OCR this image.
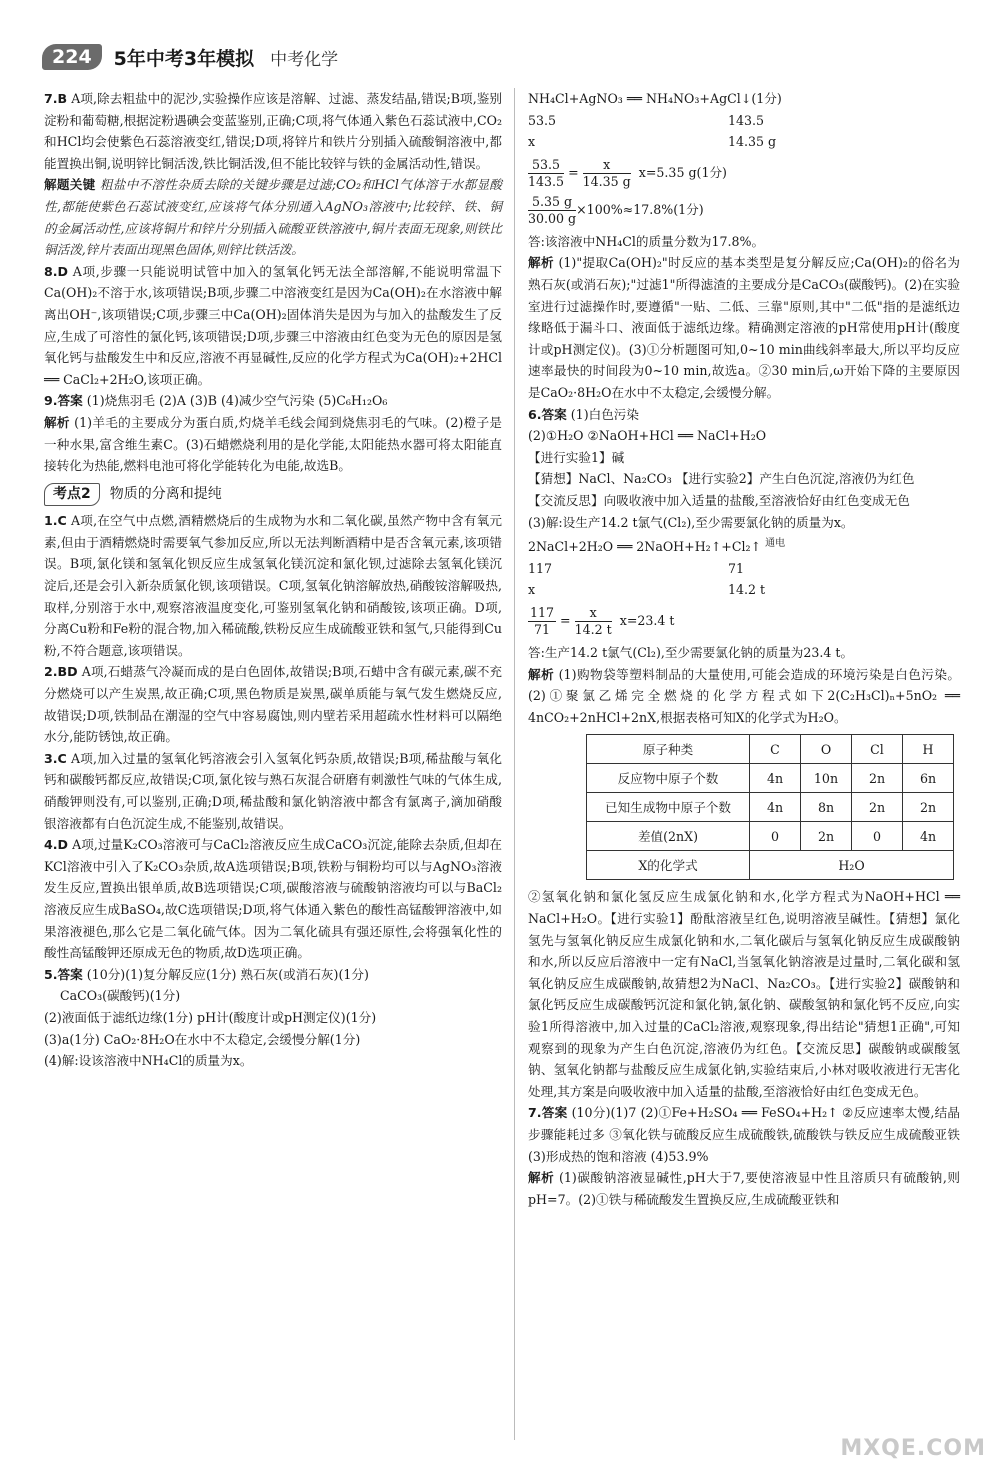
224	5年中考3年模拟 中考化学

7.B A项,除去粗盐中的泥沙,实验操作应该是溶解、过滤、蒸发结晶,错误;B项,鉴别淀粉和葡萄糖,根据淀粉遇碘会变蓝鉴别,正确;C项,将气体通入紫色石蕊试液中,CO₂和HCl均会使紫色石蕊溶液变红,错误;D项,将锌片和铁片分别插入硫酸铜溶液中,都能置换出铜,说明锌比铜活泼,铁比铜活泼,但不能比较锌与铁的金属活动性,错误。

解题关键 粗盐中不溶性杂质去除的关键步骤是过滤;CO₂和HCl气体溶于水都显酸性,都能使紫色石蕊试液变红,应该将气体分别通入AgNO₃溶液中;比较锌、铁、铜的金属活动性,应该将铜片和锌片分别插入硫酸亚铁溶液中,铜片表面无现象,则铁比铜活泼,锌片表面出现黑色固体,则锌比铁活泼。

8.D A项,步骤一只能说明试管中加入的氢氧化钙无法全部溶解,不能说明常温下Ca(OH)₂不溶于水,该项错误;B项,步骤二中溶液变红是因为Ca(OH)₂在水溶液中解离出OH⁻,该项错误;C项,步骤三中Ca(OH)₂固体消失是因为与加入的盐酸发生了反应,生成了可溶性的氯化钙,该项错误;D项,步骤三中溶液由红色变为无色的原因是氢氧化钙与盐酸发生中和反应,溶液不再显碱性,反应的化学方程式为Ca(OH)₂+2HCl ══ CaCl₂+2H₂O,该项正确。

9.答案 (1)烧焦羽毛 (2)A (3)B (4)减少空气污染 (5)C₆H₁₂O₆

解析 (1)羊毛的主要成分为蛋白质,灼烧羊毛线会闻到烧焦羽毛的气味。(2)橙子是一种水果,富含维生素C。(3)石蜡燃烧利用的是化学能,太阳能热水器可将太阳能直接转化为热能,燃料电池可将化学能转化为电能,故选B。

考点2	物质的分离和提纯

1.C A项,在空气中点燃,酒精燃烧后的生成物为水和二氧化碳,虽然产物中含有氧元素,但由于酒精燃烧时需要氧气参加反应,所以无法判断酒精中是否含氧元素,该项错误。B项,氯化镁和氢氧化钡反应生成氢氧化镁沉淀和氯化钡,过滤除去氢氧化镁沉淀后,还是会引入新杂质氯化钡,该项错误。C项,氢氧化钠溶解放热,硝酸铵溶解吸热,取样,分别溶于水中,观察溶液温度变化,可鉴别氢氧化钠和硝酸铵,该项正确。D项,分离Cu粉和Fe粉的混合物,加入稀硫酸,铁粉反应生成硫酸亚铁和氢气,只能得到Cu粉,不符合题意,该项错误。

2.BD A项,石蜡蒸气冷凝而成的是白色固体,故错误;B项,石蜡中含有碳元素,碳不充分燃烧可以产生炭黑,故正确;C项,黑色物质是炭黑,碳单质能与氧气发生燃烧反应,故错误;D项,铁制品在潮湿的空气中容易腐蚀,则内壁若采用超疏水性材料可以隔绝水分,能防锈蚀,故正确。

3.C A项,加入过量的氢氧化钙溶液会引入氢氧化钙杂质,故错误;B项,稀盐酸与氧化钙和碳酸钙都反应,故错误;C项,氯化铵与熟石灰混合研磨有刺激性气味的气体生成,硝酸钾则没有,可以鉴别,正确;D项,稀盐酸和氯化钠溶液中都含有氯离子,滴加硝酸银溶液都有白色沉淀生成,不能鉴别,故错误。

4.D A项,过量K₂CO₃溶液可与CaCl₂溶液反应生成CaCO₃沉淀,能除去杂质,但却在KCl溶液中引入了K₂CO₃杂质,故A选项错误;B项,铁粉与铜粉均可以与AgNO₃溶液发生反应,置换出银单质,故B选项错误;C项,碳酸溶液与硫酸钠溶液均可以与BaCl₂溶液反应生成BaSO₄,故C选项错误;D项,将气体通入紫色的酸性高锰酸钾溶液中,如果溶液褪色,那么它是二氧化硫气体。因为二氧化硫具有强还原性,会将强氧化性的酸性高锰酸钾还原成无色的物质,故D选项正确。

5.答案 (10分)(1)复分解反应(1分) 熟石灰(或消石灰)(1分)

CaCO₃(碳酸钙)(1分)

(2)液面低于滤纸边缘(1分) pH计(酸度计或pH测定仪)(1分)

(3)a(1分) CaO₂·8H₂O在水中不太稳定,会缓慢分解(1分)

(4)解:设该溶液中NH₄Cl的质量为x。

NH₄Cl+AgNO₃ ══ NH₄NO₃+AgCl↓(1分)

53.5	143.5

x	14.35 g

$\frac{53.5}{143.5} = \frac{x}{14.35 g} x=5.35$ g(1分)

$\frac{5.35 g}{30.00 g} \times 100\%\approx 17.8\%(1$分)

答:该溶液中NH₄Cl的质量分数为17.8%。

解析 (1)"提取Ca(OH)₂"时反应的基本类型是复分解反应;Ca(OH)₂的俗名为熟石灰(或消石灰);"过滤1"所得滤渣的主要成分是CaCO₃(碳酸钙)。(2)在实验室进行过滤操作时,要遵循"一贴、二低、三靠"原则,其中"二低"指的是滤纸边缘略低于漏斗口、液面低于滤纸边缘。精确测定溶液的pH常使用pH计(酸度计或pH测定仪)。(3)①分析题图可知,0~10 min曲线斜率最大,所以平均反应速率最快的时间段为0~10 min,故选a。②30 min后,ω开始下降的主要原因是CaO₂·8H₂O在水中不太稳定,会缓慢分解。

6.答案 (1)白色污染

(2)①H₂O ②NaOH+HCl ══ NaCl+H₂O

【进行实验1】碱

【猜想】NaCl、Na₂CO₃ 【进行实验2】产生白色沉淀,溶液仍为红色

【交流反思】向吸收液中加入适量的盐酸,至溶液恰好由红色变成无色

(3)解:设生产14.2 t氯气(Cl₂),至少需要氯化钠的质量为x。

2NaCl+2H₂O ══ 2NaOH+H₂↑+Cl₂↑ $^{通电}$

117	71

x	14.2 t

$\frac{117}{71} = \frac{x}{14.2 t} x=23.4$ t

答:生产14.2 t氯气(Cl₂),至少需要氯化钠的质量为23.4 t。

解析 (1)购物袋等塑料制品的大量使用,可能会造成的环境污染是白色污染。(2)①聚氯乙烯完全燃烧的化学方程式如下2(C₂H₃Cl)ₙ+5nO₂ ══ 4nCO₂+2nHCl+2nX,根据表格可知X的化学式为H₂O。

原子种类	C	O	Cl	H
反应物中原子个数	4n	10n	2n	6n
已知生成物中原子个数	4n	8n	2n	2n
差值(2nX)	0	2n	0	4n
X的化学式	H₂O			

②氢氧化钠和氯化氢反应生成氯化钠和水,化学方程式为NaOH+HCl ══ NaCl+H₂O。【进行实验1】酚酞溶液呈红色,说明溶液呈碱性。【猜想】氯化氢先与氢氧化钠反应生成氯化钠和水,二氧化碳后与氢氧化钠反应生成碳酸钠和水,所以反应后溶液中一定有NaCl,当氢氧化钠溶液是过量时,二氧化碳和氢氧化钠反应生成碳酸钠,故猜想2为NaCl、Na₂CO₃。【进行实验2】碳酸钠和氯化钙反应生成碳酸钙沉淀和氯化钠,氯化钠、碳酸氢钠和氯化钙不反应,向实验1所得溶液中,加入过量的CaCl₂溶液,观察现象,得出结论"猜想1正确",可知观察到的现象为产生白色沉淀,溶液仍为红色。【交流反思】碳酸钠或碳酸氢钠、氢氧化钠都与盐酸反应生成氯化钠,实验结束后,小林对吸收液进行无害化处理,其方案是向吸收液中加入适量的盐酸,至溶液恰好由红色变成无色。

7.答案 (10分)(1)7 (2)①Fe+H₂SO₄ ══ FeSO₄+H₂↑ ②反应速率太慢,结晶步骤能耗过多 ③氧化铁与硫酸反应生成硫酸铁,硫酸铁与铁反应生成硫酸亚铁 (3)形成热的饱和溶液 (4)53.9%

解析 (1)碳酸钠溶液显碱性,pH大于7,要使溶液显中性且溶质只有硫酸钠,则pH=7。(2)①铁与稀硫酸发生置换反应,生成硫酸亚铁和

MXQE.COM
